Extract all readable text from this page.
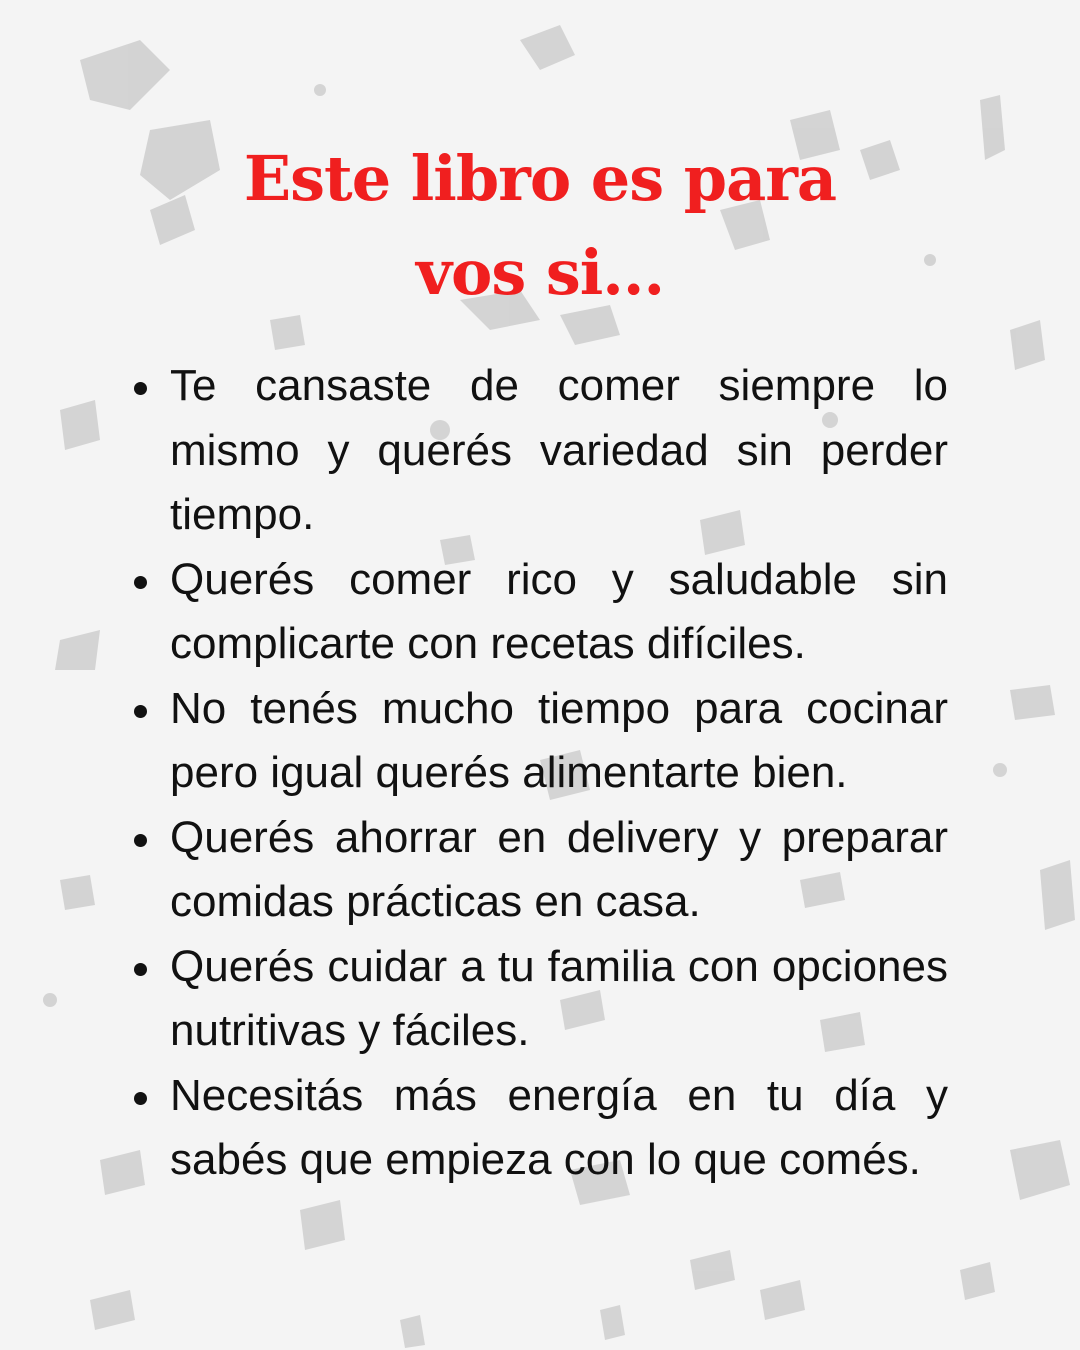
Este libro es para
vos si...
Te cansaste de comer siempre lo mismo y querés variedad sin perder tiempo.
Querés comer rico y saludable sin complicarte con recetas difíciles.
No tenés mucho tiempo para cocinar pero igual querés alimentarte bien.
Querés ahorrar en delivery y preparar comidas prácticas en casa.
Querés cuidar a tu familia con opciones nutritivas y fáciles.
Necesitás más energía en tu día y sabés que empieza con lo que comés.
